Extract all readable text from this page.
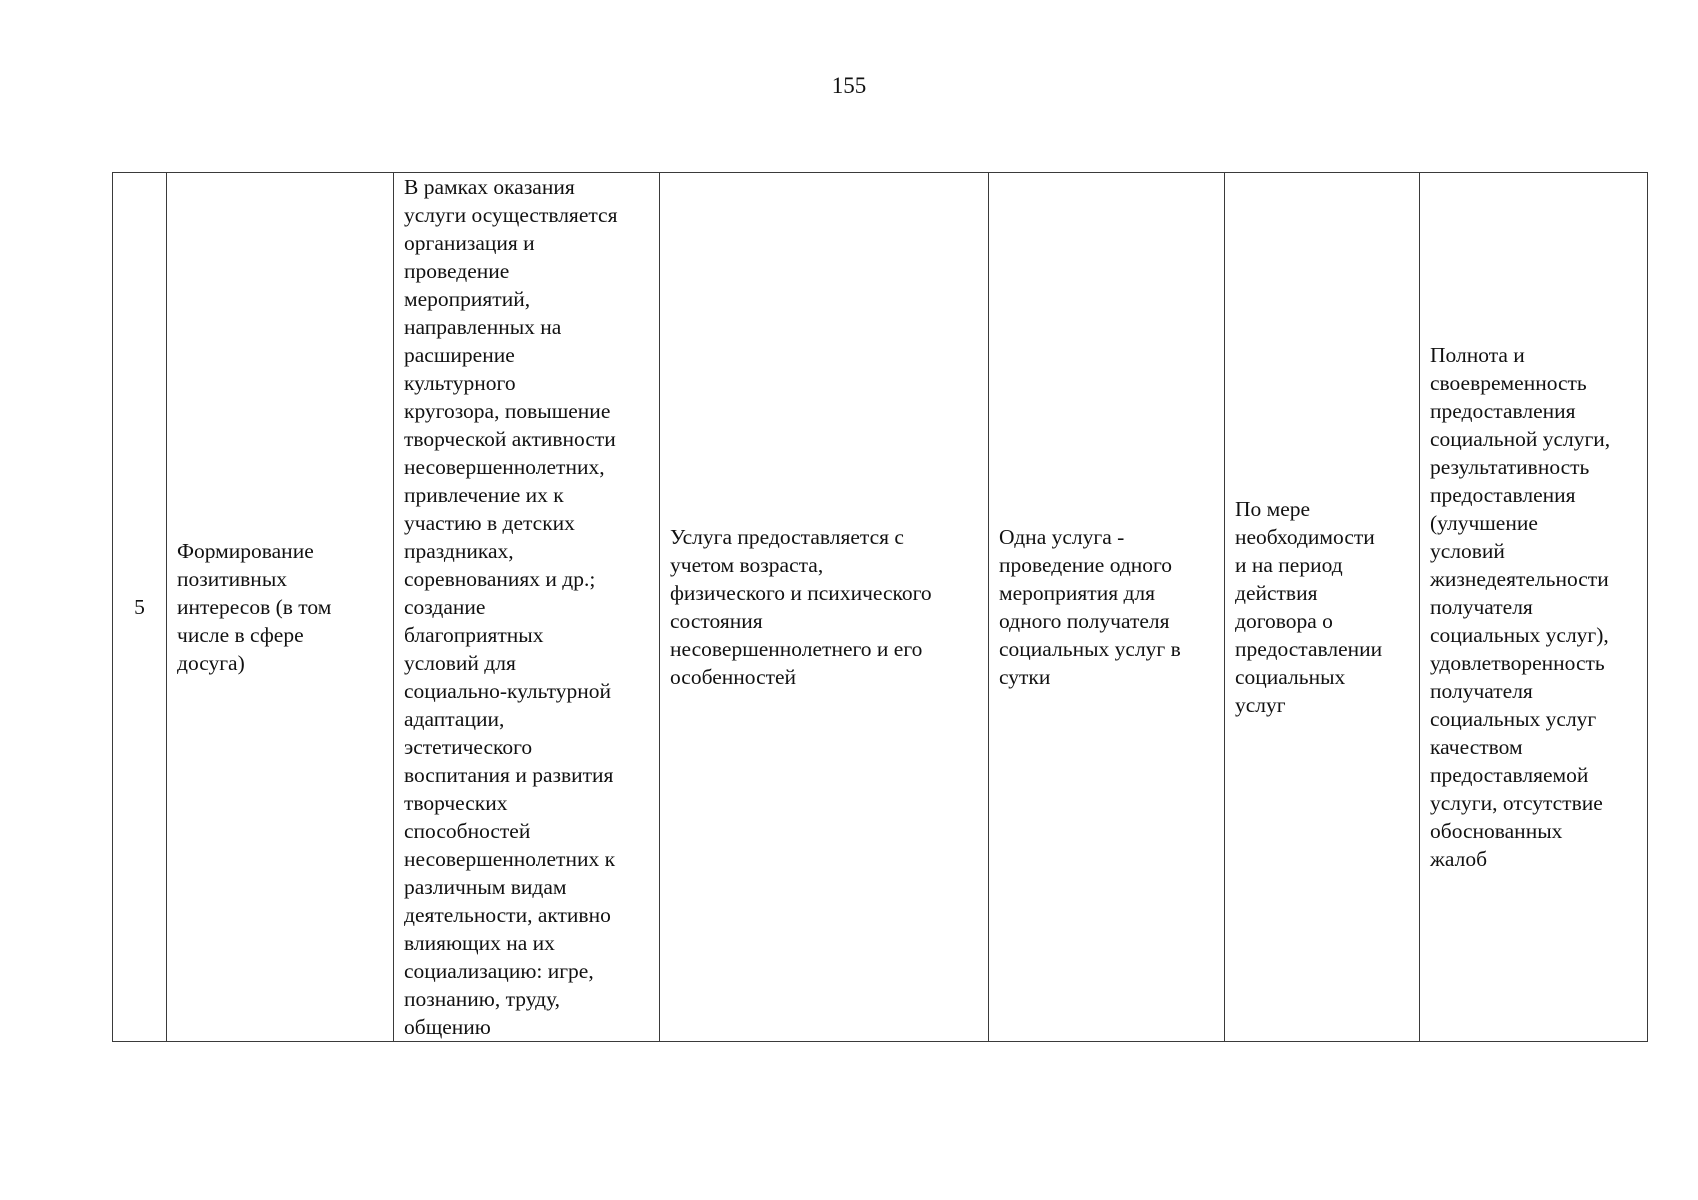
155
5	
Формирование
позитивных
интересов (в том
числе в сфере
досуга)

В рамках оказания
услуги осуществляется
организация и
проведение
мероприятий,
направленных на
расширение
культурного
кругозора, повышение
творческой активности
несовершеннолетних,
привлечение их к
участию в детских
праздниках,
соревнованиях и др.;
создание
благоприятных
условий для
социально-культурной
адаптации,
эстетического
воспитания и развития
творческих
способностей
несовершеннолетних к
различным видам
деятельности, активно
влияющих на их
социализацию: игре,
познанию, труду,
общению

Услуга предоставляется с
учетом возраста,
физического и психического
состояния
несовершеннолетнего и его
особенностей

Одна услуга -
проведение одного
мероприятия для
одного получателя
социальных услуг в
сутки

По мере
необходимости
и на период
действия
договора о
предоставлении
социальных
услуг

Полнота и
своевременность
предоставления
социальной услуги,
результативность
предоставления
(улучшение
условий
жизнедеятельности
получателя
социальных услуг),
удовлетворенность
получателя
социальных услуг
качеством
предоставляемой
услуги, отсутствие
обоснованных
жалоб
